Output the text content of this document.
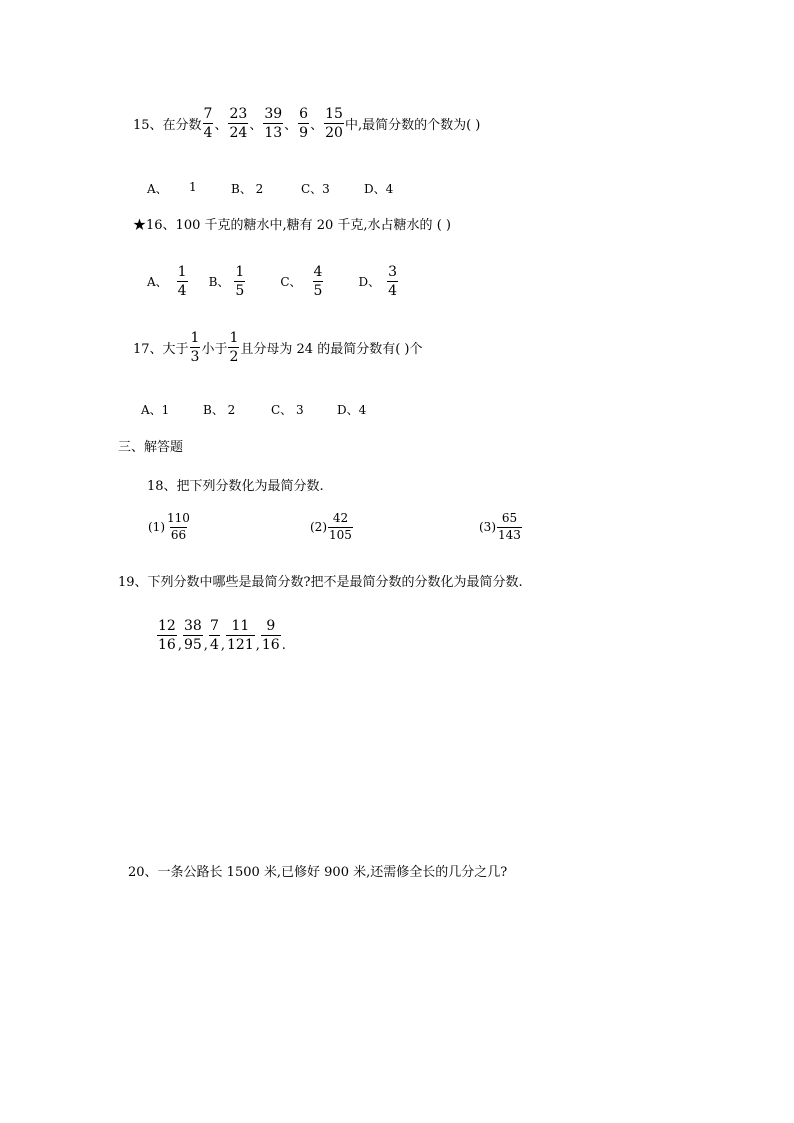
15、在分数 $\frac{7}{4}$ 、 $\frac{23}{24}$ 、 $\frac{39}{13}$ 、 $\frac{6}{9}$ 、 $\frac{15}{20}$ 中,最简分数的个数为( )
A、 1	B、 2	C、3	D、4
★16、100 千克的糖水中,糖有 20 千克,水占糖水的 ( )
A、 $\frac{1}{4}$ B、 $\frac{1}{5}$	C、 $\frac{4}{5}$	D、 $\frac{3}{4}$
17、大于 $\frac{1}{3}$ 小于 $\frac{1}{2}$ 且分母为 24 的最简分数有( )个
A、1	B、 2	C、 3	D、4
三、解答题
18、把下列分数化为最简分数.
$(1) \frac{110}{66}$	$(2) \frac{42}{105}$	$(3) \frac{65}{143}$
19、下列分数中哪些是最简分数?把不是最简分数的分数化为最简分数.
$\frac{12}{16}$ , $\frac{38}{95}$ , $\frac{7}{4}$ , $\frac{11}{121}$ , $\frac{9}{16}$ .
20、一条公路长 1500 米,已修好 900 米,还需修全长的几分之几?
